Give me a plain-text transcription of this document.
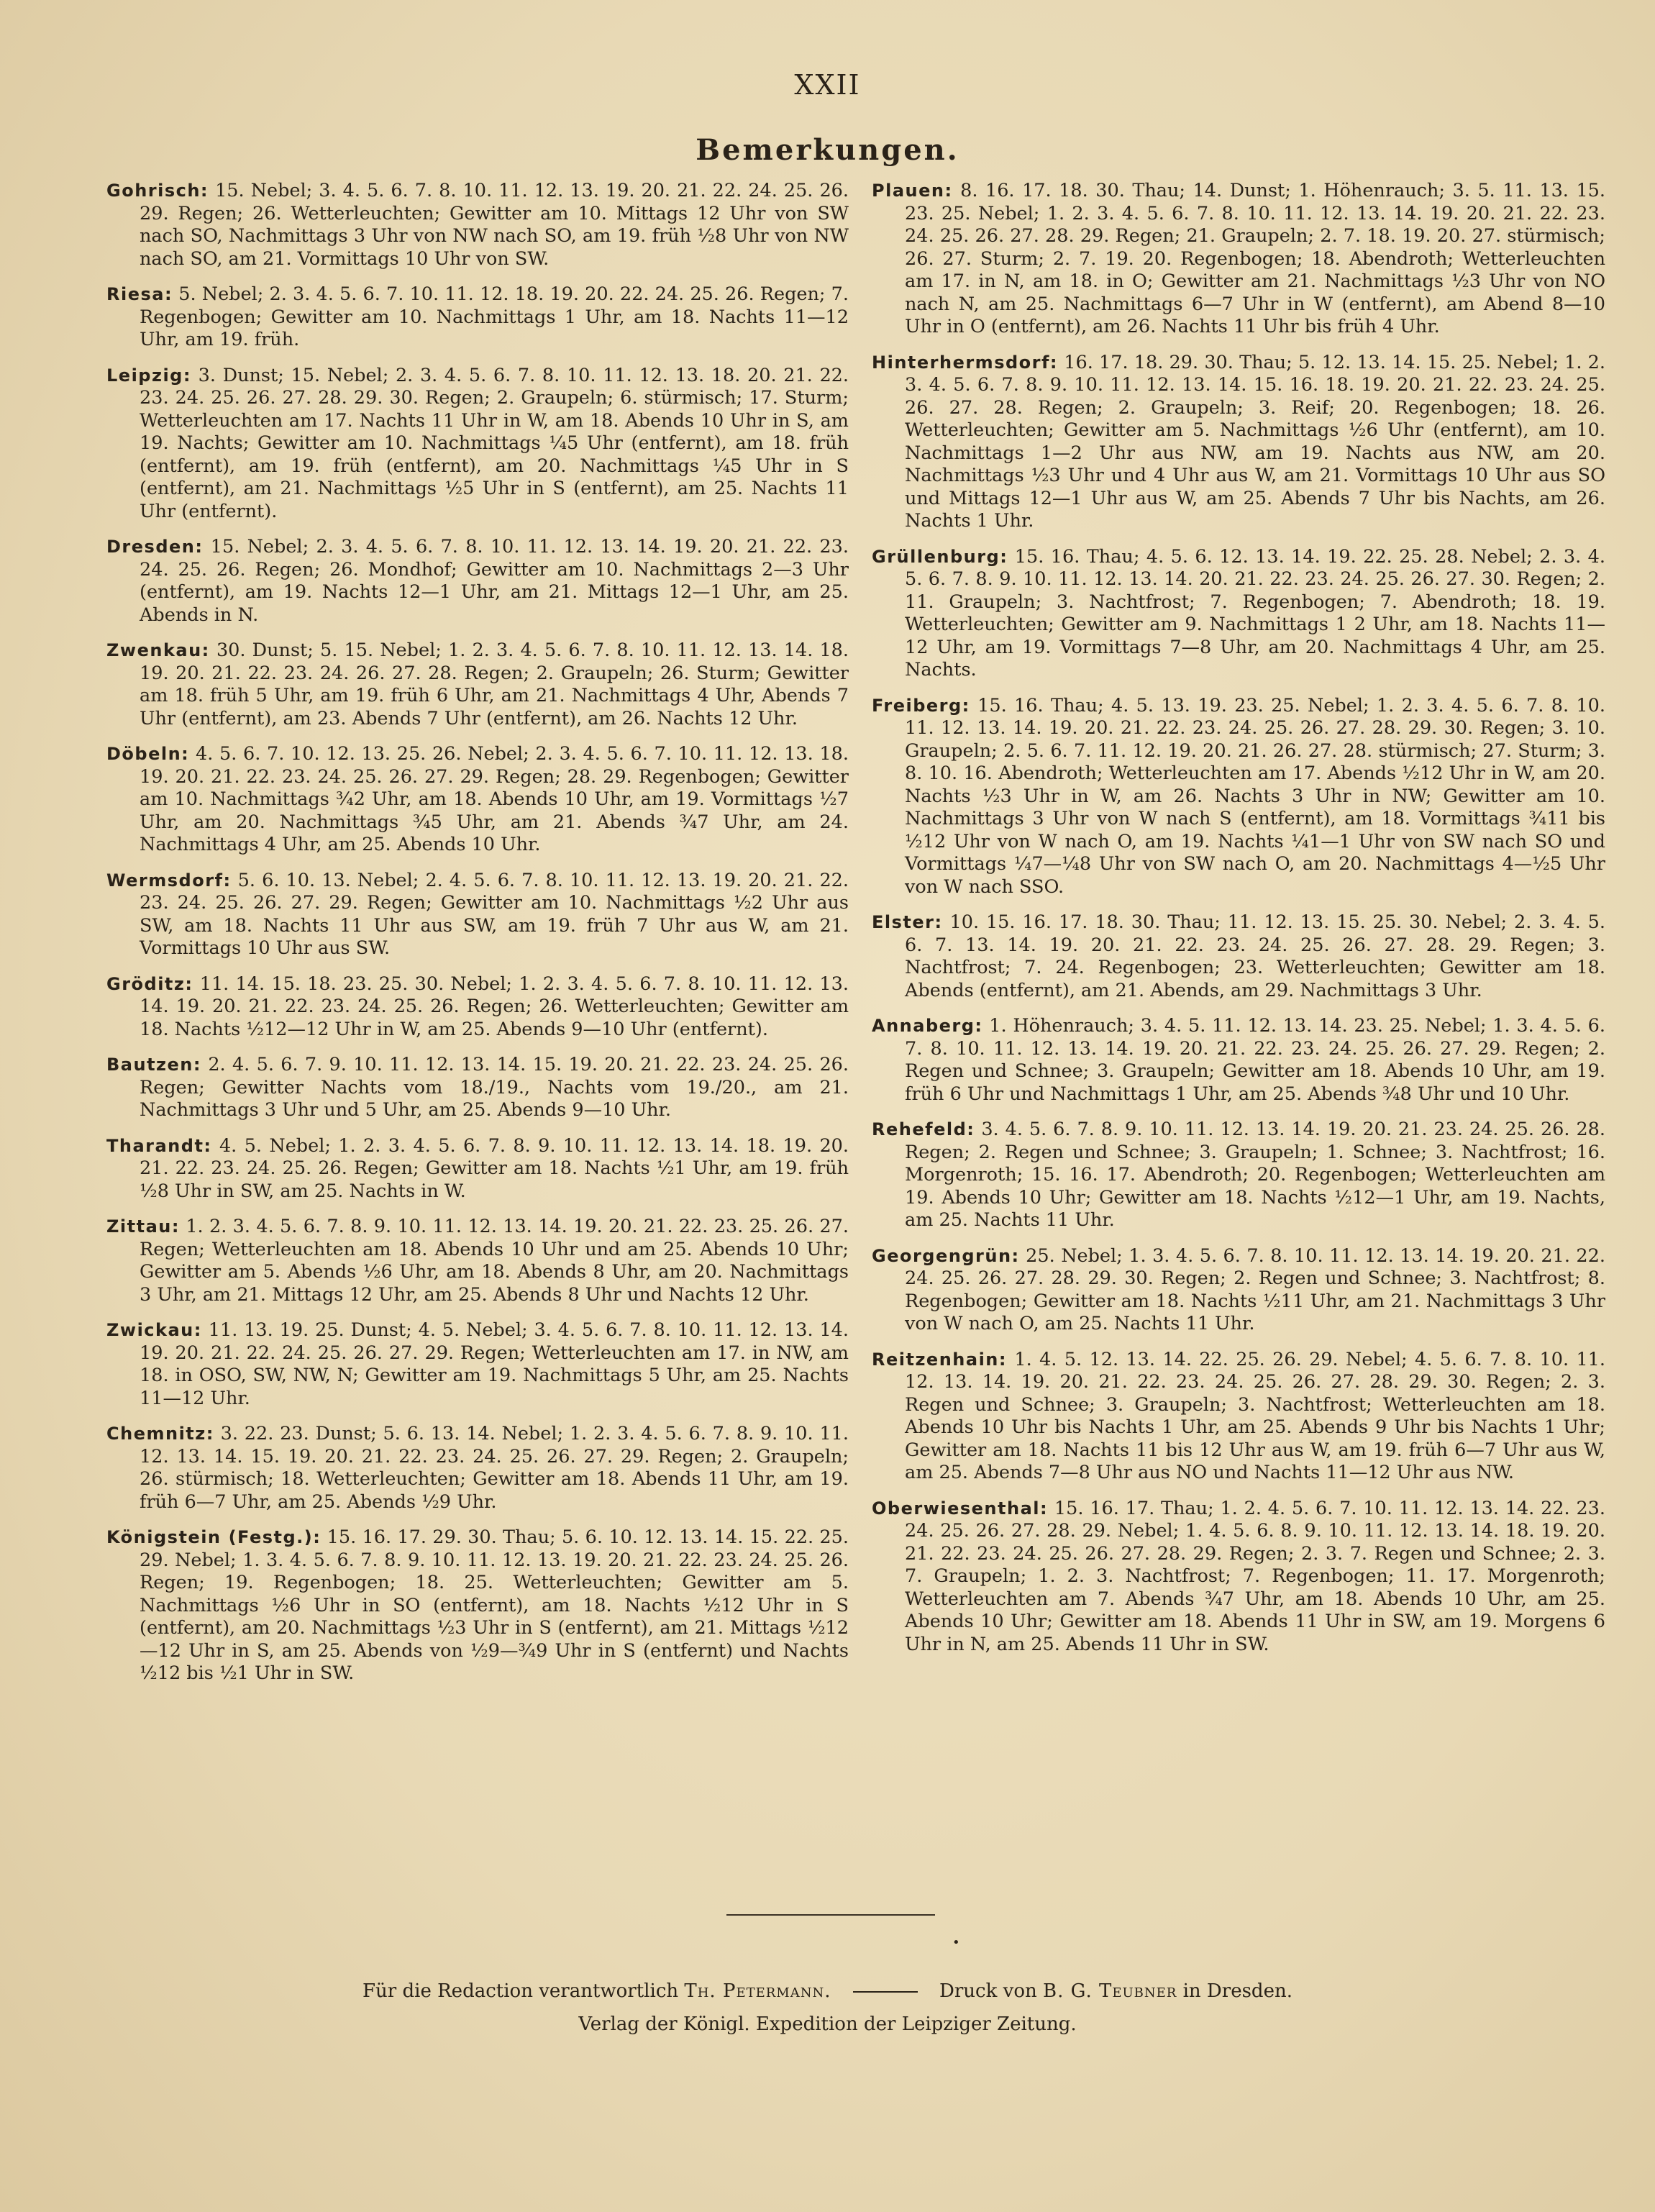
XXII
Bemerkungen.

Gohrisch: 15. Nebel; 3. 4. 5. 6. 7. 8. 10. 11. 12. 13. 19. 20. 21. 22. 24. 25. 26. 29. Regen; 26. Wetterleuchten; Gewitter am 10. Mittags 12 Uhr von SW nach SO, Nachmittags 3 Uhr von NW nach SO, am 19. früh ½8 Uhr von NW nach SO, am 21. Vormittags 10 Uhr von SW.

Riesa: 5. Nebel; 2. 3. 4. 5. 6. 7. 10. 11. 12. 18. 19. 20. 22. 24. 25. 26. Regen; 7. Regenbogen; Gewitter am 10. Nachmittags 1 Uhr, am 18. Nachts 11—12 Uhr, am 19. früh.

Leipzig: 3. Dunst; 15. Nebel; 2. 3. 4. 5. 6. 7. 8. 10. 11. 12. 13. 18. 20. 21. 22. 23. 24. 25. 26. 27. 28. 29. 30. Regen; 2. Graupeln; 6. stürmisch; 17. Sturm; Wetterleuchten am 17. Nachts 11 Uhr in W, am 18. Abends 10 Uhr in S, am 19. Nachts; Gewitter am 10. Nachmittags ¼5 Uhr (entfernt), am 18. früh (entfernt), am 19. früh (entfernt), am 20. Nachmittags ¼5 Uhr in S (entfernt), am 21. Nachmittags ½5 Uhr in S (entfernt), am 25. Nachts 11 Uhr (entfernt).

Dresden: 15. Nebel; 2. 3. 4. 5. 6. 7. 8. 10. 11. 12. 13. 14. 19. 20. 21. 22. 23. 24. 25. 26. Regen; 26. Mondhof; Gewitter am 10. Nachmittags 2—3 Uhr (entfernt), am 19. Nachts 12—1 Uhr, am 21. Mittags 12—1 Uhr, am 25. Abends in N.

Zwenkau: 30. Dunst; 5. 15. Nebel; 1. 2. 3. 4. 5. 6. 7. 8. 10. 11. 12. 13. 14. 18. 19. 20. 21. 22. 23. 24. 26. 27. 28. Regen; 2. Graupeln; 26. Sturm; Gewitter am 18. früh 5 Uhr, am 19. früh 6 Uhr, am 21. Nachmittags 4 Uhr, Abends 7 Uhr (entfernt), am 23. Abends 7 Uhr (entfernt), am 26. Nachts 12 Uhr.

Döbeln: 4. 5. 6. 7. 10. 12. 13. 25. 26. Nebel; 2. 3. 4. 5. 6. 7. 10. 11. 12. 13. 18. 19. 20. 21. 22. 23. 24. 25. 26. 27. 29. Regen; 28. 29. Regenbogen; Gewitter am 10. Nachmittags ¾2 Uhr, am 18. Abends 10 Uhr, am 19. Vormittags ½7 Uhr, am 20. Nachmittags ¾5 Uhr, am 21. Abends ¾7 Uhr, am 24. Nachmittags 4 Uhr, am 25. Abends 10 Uhr.

Wermsdorf: 5. 6. 10. 13. Nebel; 2. 4. 5. 6. 7. 8. 10. 11. 12. 13. 19. 20. 21. 22. 23. 24. 25. 26. 27. 29. Regen; Gewitter am 10. Nachmittags ½2 Uhr aus SW, am 18. Nachts 11 Uhr aus SW, am 19. früh 7 Uhr aus W, am 21. Vormittags 10 Uhr aus SW.

Gröditz: 11. 14. 15. 18. 23. 25. 30. Nebel; 1. 2. 3. 4. 5. 6. 7. 8. 10. 11. 12. 13. 14. 19. 20. 21. 22. 23. 24. 25. 26. Regen; 26. Wetterleuchten; Gewitter am 18. Nachts ½12—12 Uhr in W, am 25. Abends 9—10 Uhr (entfernt).

Bautzen: 2. 4. 5. 6. 7. 9. 10. 11. 12. 13. 14. 15. 19. 20. 21. 22. 23. 24. 25. 26. Regen; Gewitter Nachts vom 18./19., Nachts vom 19./20., am 21. Nachmittags 3 Uhr und 5 Uhr, am 25. Abends 9—10 Uhr.

Tharandt: 4. 5. Nebel; 1. 2. 3. 4. 5. 6. 7. 8. 9. 10. 11. 12. 13. 14. 18. 19. 20. 21. 22. 23. 24. 25. 26. Regen; Gewitter am 18. Nachts ½1 Uhr, am 19. früh ½8 Uhr in SW, am 25. Nachts in W.

Zittau: 1. 2. 3. 4. 5. 6. 7. 8. 9. 10. 11. 12. 13. 14. 19. 20. 21. 22. 23. 25. 26. 27. Regen; Wetterleuchten am 18. Abends 10 Uhr und am 25. Abends 10 Uhr; Gewitter am 5. Abends ½6 Uhr, am 18. Abends 8 Uhr, am 20. Nachmittags 3 Uhr, am 21. Mittags 12 Uhr, am 25. Abends 8 Uhr und Nachts 12 Uhr.

Zwickau: 11. 13. 19. 25. Dunst; 4. 5. Nebel; 3. 4. 5. 6. 7. 8. 10. 11. 12. 13. 14. 19. 20. 21. 22. 24. 25. 26. 27. 29. Regen; Wetterleuchten am 17. in NW, am 18. in OSO, SW, NW, N; Gewitter am 19. Nachmittags 5 Uhr, am 25. Nachts 11—12 Uhr.

Chemnitz: 3. 22. 23. Dunst; 5. 6. 13. 14. Nebel; 1. 2. 3. 4. 5. 6. 7. 8. 9. 10. 11. 12. 13. 14. 15. 19. 20. 21. 22. 23. 24. 25. 26. 27. 29. Regen; 2. Graupeln; 26. stürmisch; 18. Wetterleuchten; Gewitter am 18. Abends 11 Uhr, am 19. früh 6—7 Uhr, am 25. Abends ½9 Uhr.

Königstein (Festg.): 15. 16. 17. 29. 30. Thau; 5. 6. 10. 12. 13. 14. 15. 22. 25. 29. Nebel; 1. 3. 4. 5. 6. 7. 8. 9. 10. 11. 12. 13. 19. 20. 21. 22. 23. 24. 25. 26. Regen; 19. Regenbogen; 18. 25. Wetterleuchten; Gewitter am 5. Nachmittags ½6 Uhr in SO (entfernt), am 18. Nachts ½12 Uhr in S (entfernt), am 20. Nachmittags ½3 Uhr in S (entfernt), am 21. Mittags ½12—12 Uhr in S, am 25. Abends von ½9—¾9 Uhr in S (entfernt) und Nachts ½12 bis ½1 Uhr in SW.

Plauen: 8. 16. 17. 18. 30. Thau; 14. Dunst; 1. Höhenrauch; 3. 5. 11. 13. 15. 23. 25. Nebel; 1. 2. 3. 4. 5. 6. 7. 8. 10. 11. 12. 13. 14. 19. 20. 21. 22. 23. 24. 25. 26. 27. 28. 29. Regen; 21. Graupeln; 2. 7. 18. 19. 20. 27. stürmisch; 26. 27. Sturm; 2. 7. 19. 20. Regenbogen; 18. Abendroth; Wetterleuchten am 17. in N, am 18. in O; Gewitter am 21. Nachmittags ½3 Uhr von NO nach N, am 25. Nachmittags 6—7 Uhr in W (entfernt), am Abend 8—10 Uhr in O (entfernt), am 26. Nachts 11 Uhr bis früh 4 Uhr.

Hinterhermsdorf: 16. 17. 18. 29. 30. Thau; 5. 12. 13. 14. 15. 25. Nebel; 1. 2. 3. 4. 5. 6. 7. 8. 9. 10. 11. 12. 13. 14. 15. 16. 18. 19. 20. 21. 22. 23. 24. 25. 26. 27. 28. Regen; 2. Graupeln; 3. Reif; 20. Regenbogen; 18. 26. Wetterleuchten; Gewitter am 5. Nachmittags ½6 Uhr (entfernt), am 10. Nachmittags 1—2 Uhr aus NW, am 19. Nachts aus NW, am 20. Nachmittags ½3 Uhr und 4 Uhr aus W, am 21. Vormittags 10 Uhr aus SO und Mittags 12—1 Uhr aus W, am 25. Abends 7 Uhr bis Nachts, am 26. Nachts 1 Uhr.

Grüllenburg: 15. 16. Thau; 4. 5. 6. 12. 13. 14. 19. 22. 25. 28. Nebel; 2. 3. 4. 5. 6. 7. 8. 9. 10. 11. 12. 13. 14. 20. 21. 22. 23. 24. 25. 26. 27. 30. Regen; 2. 11. Graupeln; 3. Nachtfrost; 7. Regenbogen; 7. Abendroth; 18. 19. Wetterleuchten; Gewitter am 9. Nachmittags 1 2 Uhr, am 18. Nachts 11—12 Uhr, am 19. Vormittags 7—8 Uhr, am 20. Nachmittags 4 Uhr, am 25. Nachts.

Freiberg: 15. 16. Thau; 4. 5. 13. 19. 23. 25. Nebel; 1. 2. 3. 4. 5. 6. 7. 8. 10. 11. 12. 13. 14. 19. 20. 21. 22. 23. 24. 25. 26. 27. 28. 29. 30. Regen; 3. 10. Graupeln; 2. 5. 6. 7. 11. 12. 19. 20. 21. 26. 27. 28. stürmisch; 27. Sturm; 3. 8. 10. 16. Abendroth; Wetterleuchten am 17. Abends ½12 Uhr in W, am 20. Nachts ½3 Uhr in W, am 26. Nachts 3 Uhr in NW; Gewitter am 10. Nachmittags 3 Uhr von W nach S (entfernt), am 18. Vormittags ¾11 bis ½12 Uhr von W nach O, am 19. Nachts ¼1—1 Uhr von SW nach SO und Vormittags ¼7—¼8 Uhr von SW nach O, am 20. Nachmittags 4—½5 Uhr von W nach SSO.

Elster: 10. 15. 16. 17. 18. 30. Thau; 11. 12. 13. 15. 25. 30. Nebel; 2. 3. 4. 5. 6. 7. 13. 14. 19. 20. 21. 22. 23. 24. 25. 26. 27. 28. 29. Regen; 3. Nachtfrost; 7. 24. Regenbogen; 23. Wetterleuchten; Gewitter am 18. Abends (entfernt), am 21. Abends, am 29. Nachmittags 3 Uhr.

Annaberg: 1. Höhenrauch; 3. 4. 5. 11. 12. 13. 14. 23. 25. Nebel; 1. 3. 4. 5. 6. 7. 8. 10. 11. 12. 13. 14. 19. 20. 21. 22. 23. 24. 25. 26. 27. 29. Regen; 2. Regen und Schnee; 3. Graupeln; Gewitter am 18. Abends 10 Uhr, am 19. früh 6 Uhr und Nachmittags 1 Uhr, am 25. Abends ¾8 Uhr und 10 Uhr.

Rehefeld: 3. 4. 5. 6. 7. 8. 9. 10. 11. 12. 13. 14. 19. 20. 21. 23. 24. 25. 26. 28. Regen; 2. Regen und Schnee; 3. Graupeln; 1. Schnee; 3. Nachtfrost; 16. Morgenroth; 15. 16. 17. Abendroth; 20. Regenbogen; Wetterleuchten am 19. Abends 10 Uhr; Gewitter am 18. Nachts ½12—1 Uhr, am 19. Nachts, am 25. Nachts 11 Uhr.

Georgengrün: 25. Nebel; 1. 3. 4. 5. 6. 7. 8. 10. 11. 12. 13. 14. 19. 20. 21. 22. 24. 25. 26. 27. 28. 29. 30. Regen; 2. Regen und Schnee; 3. Nachtfrost; 8. Regenbogen; Gewitter am 18. Nachts ½11 Uhr, am 21. Nachmittags 3 Uhr von W nach O, am 25. Nachts 11 Uhr.

Reitzenhain: 1. 4. 5. 12. 13. 14. 22. 25. 26. 29. Nebel; 4. 5. 6. 7. 8. 10. 11. 12. 13. 14. 19. 20. 21. 22. 23. 24. 25. 26. 27. 28. 29. 30. Regen; 2. 3. Regen und Schnee; 3. Graupeln; 3. Nachtfrost; Wetterleuchten am 18. Abends 10 Uhr bis Nachts 1 Uhr, am 25. Abends 9 Uhr bis Nachts 1 Uhr; Gewitter am 18. Nachts 11 bis 12 Uhr aus W, am 19. früh 6—7 Uhr aus W, am 25. Abends 7—8 Uhr aus NO und Nachts 11—12 Uhr aus NW.

Oberwiesenthal: 15. 16. 17. Thau; 1. 2. 4. 5. 6. 7. 10. 11. 12. 13. 14. 22. 23. 24. 25. 26. 27. 28. 29. Nebel; 1. 4. 5. 6. 8. 9. 10. 11. 12. 13. 14. 18. 19. 20. 21. 22. 23. 24. 25. 26. 27. 28. 29. Regen; 2. 3. 7. Regen und Schnee; 2. 3. 7. Graupeln; 1. 2. 3. Nachtfrost; 7. Regenbogen; 11. 17. Morgenroth; Wetterleuchten am 7. Abends ¾7 Uhr, am 18. Abends 10 Uhr, am 25. Abends 10 Uhr; Gewitter am 18. Abends 11 Uhr in SW, am 19. Morgens 6 Uhr in N, am 25. Abends 11 Uhr in SW.

•
Für die Redaction verantwortlich Th. Petermann.	Druck von B. G. Teubner in Dresden.
Verlag der Königl. Expedition der Leipziger Zeitung.
